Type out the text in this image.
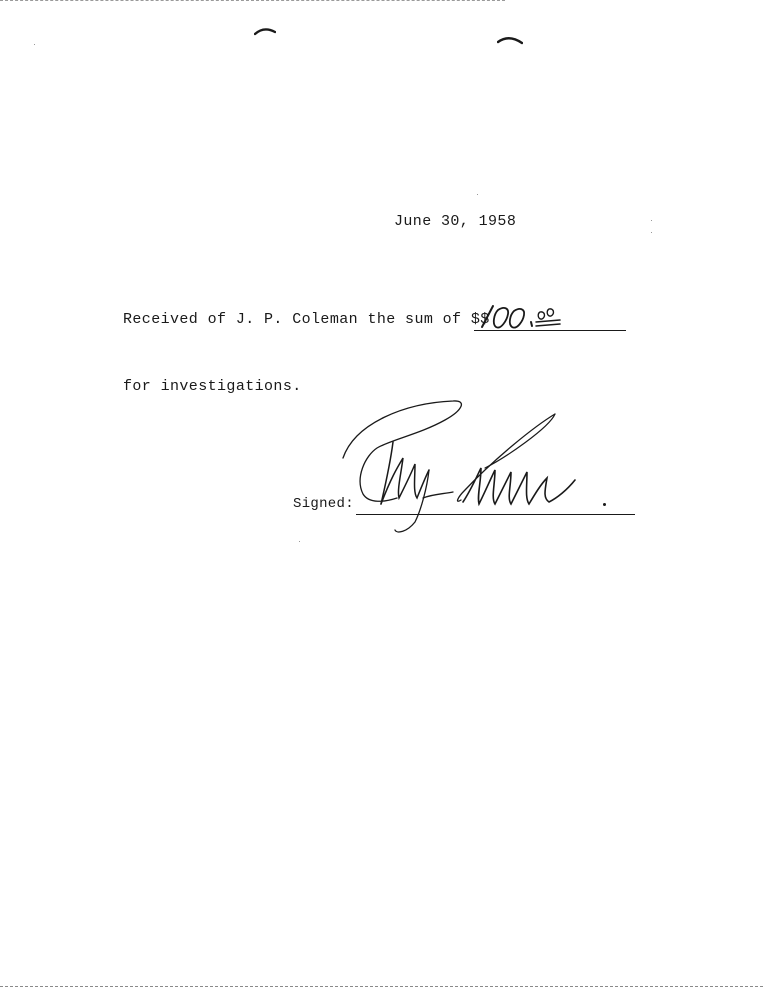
June 30, 1958
Received of J. P. Coleman the sum of $$
for investigations.
Signed:
